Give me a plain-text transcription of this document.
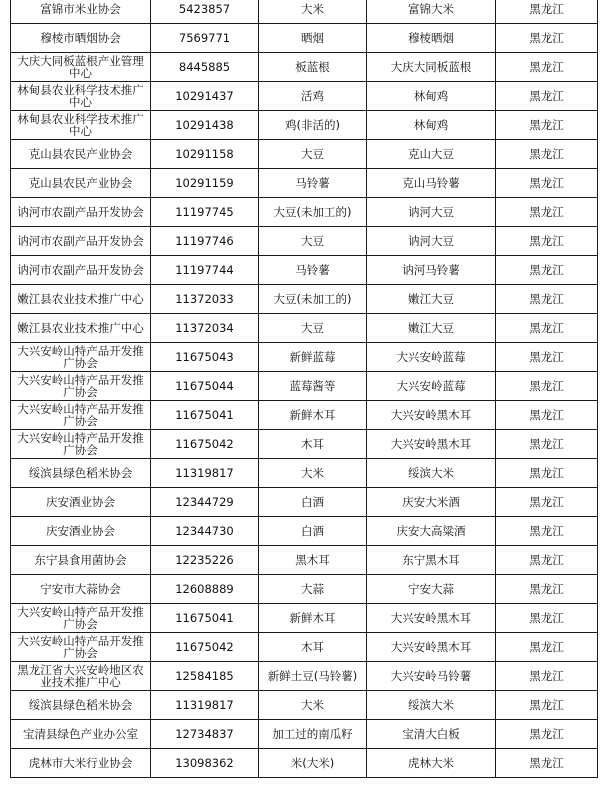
富锦市米业协会	5423857	大米	富锦大米	黑龙江
穆棱市晒烟协会	7569771	晒烟	穆棱晒烟	黑龙江
大庆大同板蓝根产业管理中心	8445885	板蓝根	大庆大同板蓝根	黑龙江
林甸县农业科学技术推广中心	10291437	活鸡	林甸鸡	黑龙江
林甸县农业科学技术推广中心	10291438	鸡(非活的)	林甸鸡	黑龙江
克山县农民产业协会	10291158	大豆	克山大豆	黑龙江
克山县农民产业协会	10291159	马铃薯	克山马铃薯	黑龙江
讷河市农副产品开发协会	11197745	大豆(未加工的)	讷河大豆	黑龙江
讷河市农副产品开发协会	11197746	大豆	讷河大豆	黑龙江
讷河市农副产品开发协会	11197744	马铃薯	讷河马铃薯	黑龙江
嫩江县农业技术推广中心	11372033	大豆(未加工的)	嫩江大豆	黑龙江
嫩江县农业技术推广中心	11372034	大豆	嫩江大豆	黑龙江
大兴安岭山特产品开发推广协会	11675043	新鲜蓝莓	大兴安岭蓝莓	黑龙江
大兴安岭山特产品开发推广协会	11675044	蓝莓酱等	大兴安岭蓝莓	黑龙江
大兴安岭山特产品开发推广协会	11675041	新鲜木耳	大兴安岭黑木耳	黑龙江
大兴安岭山特产品开发推广协会	11675042	木耳	大兴安岭黑木耳	黑龙江
绥滨县绿色稻米协会	11319817	大米	绥滨大米	黑龙江
庆安酒业协会	12344729	白酒	庆安大米酒	黑龙江
庆安酒业协会	12344730	白酒	庆安大高粱酒	黑龙江
东宁县食用菌协会	12235226	黑木耳	东宁黑木耳	黑龙江
宁安市大蒜协会	12608889	大蒜	宁安大蒜	黑龙江
大兴安岭山特产品开发推广协会	11675041	新鲜木耳	大兴安岭黑木耳	黑龙江
大兴安岭山特产品开发推广协会	11675042	木耳	大兴安岭黑木耳	黑龙江
黑龙江省大兴安岭地区农业技术推广中心	12584185	新鲜土豆(马铃薯)	大兴安岭马铃薯	黑龙江
绥滨县绿色稻米协会	11319817	大米	绥滨大米	黑龙江
宝清县绿色产业办公室	12734837	加工过的南瓜籽	宝清大白板	黑龙江
虎林市大米行业协会	13098362	米(大米)	虎林大米	黑龙江
